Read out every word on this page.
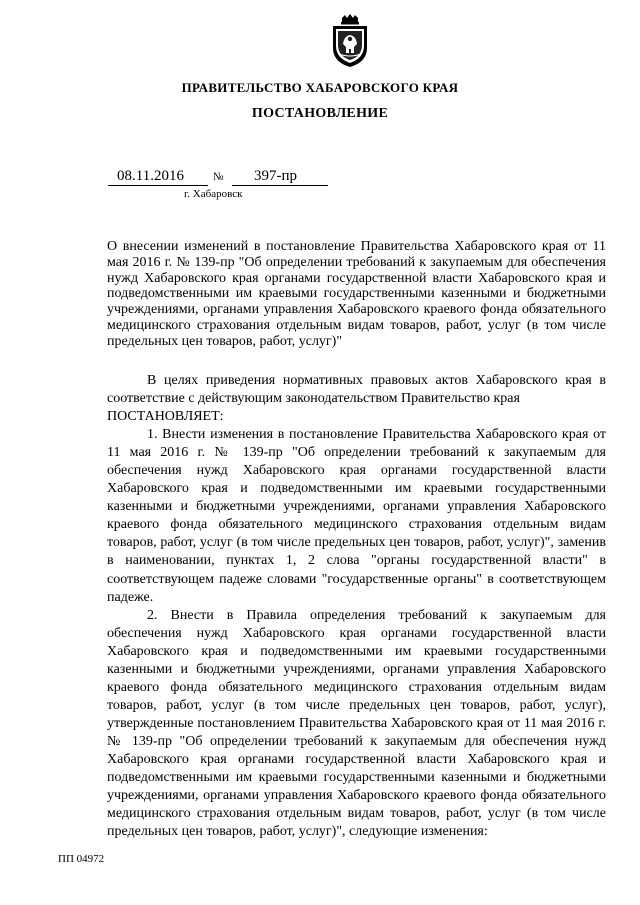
ПРАВИТЕЛЬСТВО ХАБАРОВСКОГО КРАЯ
ПОСТАНОВЛЕНИЕ
08.11.2016	№	397-пр
г. Хабаровск
О внесении изменений в постановление Правительства Хабаровского края от 11 мая 2016 г. № 139-пр "Об определении требований к закупаемым для обеспечения нужд Хабаровского края органами государственной власти Хабаровского края и подведомственными им краевыми государственными казенными и бюджетными учреждениями, органами управления Хабаровского краевого фонда обязательного медицинского страхования отдельным видам товаров, работ, услуг (в том числе предельных цен товаров, работ, услуг)"

В целях приведения нормативных правовых актов Хабаровского края в соответствие с действующим законодательством Правительство края

ПОСТАНОВЛЯЕТ:

1. Внести изменения в постановление Правительства Хабаровского края от 11 мая 2016 г. № 139-пр "Об определении требований к закупаемым для обеспечения нужд Хабаровского края органами государственной власти Хабаровского края и подведомственными им краевыми государственными казенными и бюджетными учреждениями, органами управления Хабаровского краевого фонда обязательного медицинского страхования отдельным видам товаров, работ, услуг (в том числе предельных цен товаров, работ, услуг)", заменив в наименовании, пунктах 1, 2 слова "органы государственной власти" в соответствующем падеже словами "государственные органы" в соответствующем падеже.

2. Внести в Правила определения требований к закупаемым для обеспечения нужд Хабаровского края органами государственной власти Хабаровского края и подведомственными им краевыми государственными казенными и бюджетными учреждениями, органами управления Хабаровского краевого фонда обязательного медицинского страхования отдельным видам товаров, работ, услуг (в том числе предельных цен товаров, работ, услуг), утвержденные постановлением Правительства Хабаровского края от 11 мая 2016 г. № 139-пр "Об определении требований к закупаемым для обеспечения нужд Хабаровского края органами государственной власти Хабаровского края и подведомственными им краевыми государственными казенными и бюджетными учреждениями, органами управления Хабаровского краевого фонда обязательного медицинского страхования отдельным видам товаров, работ, услуг (в том числе предельных цен товаров, работ, услуг)", следующие изменения:

ПП 04972
